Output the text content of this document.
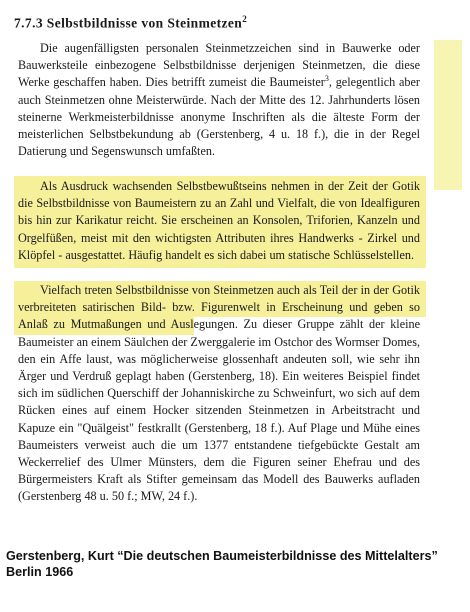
7.7.3 Selbstbildnisse von Steinmetzen$^2$

Die augenfälligsten personalen Steinmetzzeichen sind in Bauwerke oder Bauwerksteile einbezogene Selbstbildnisse derjenigen Steinmetzen, die diese Werke geschaffen haben. Dies betrifft zumeist die Baumeister$^3$, gelegentlich aber auch Steinmetzen ohne Meisterwürde. Nach der Mitte des 12. Jahrhunderts lösen steinerne Werkmeisterbildnisse anonyme Inschriften als die älteste Form der meisterlichen Selbstbekundung ab (Gerstenberg, 4 u. 18 f.), die in der Regel Datierung und Segenswunsch umfaßten.

Als Ausdruck wachsenden Selbstbewußtseins nehmen in der Zeit der Gotik die Selbstbildnisse von Baumeistern zu an Zahl und Vielfalt, die von Idealfiguren bis hin zur Karikatur reicht. Sie erscheinen an Konsolen, Triforien, Kanzeln und Orgelfüßen, meist mit den wichtigsten Attributen ihres Handwerks - Zirkel und Klöpfel - ausgestattet. Häufig handelt es sich dabei um statische Schlüsselstellen.

Vielfach treten Selbstbildnisse von Steinmetzen auch als Teil der in der Gotik verbreiteten satirischen Bild- bzw. Figurenwelt in Erscheinung und geben so Anlaß zu Mutmaßungen und Auslegungen. Zu dieser Gruppe zählt der kleine Baumeister an einem Säulchen der Zwerggalerie im Ostchor des Wormser Domes, den ein Affe laust, was möglicherweise glossenhaft andeuten soll, wie sehr ihn Ärger und Verdruß geplagt haben (Gerstenberg, 18). Ein weiteres Beispiel findet sich im südlichen Querschiff der Johanniskirche zu Schweinfurt, wo sich auf dem Rücken eines auf einem Hocker sitzenden Steinmetzen in Arbeitstracht und Kapuze ein "Quälgeist" festkrallt (Gerstenberg, 18 f.). Auf Plage und Mühe eines Baumeisters verweist auch die um 1377 entstandene tiefgebückte Gestalt am Weckerrelief des Ulmer Münsters, dem die Figuren seiner Ehefrau und des Bürgermeisters Kraft als Stifter gemeinsam das Modell des Bauwerks aufladen (Gerstenberg 48 u. 50 f.; MW, 24 f.).

Gerstenberg, Kurt “Die deutschen Baumeisterbildnisse des Mittelalters”
Berlin 1966
